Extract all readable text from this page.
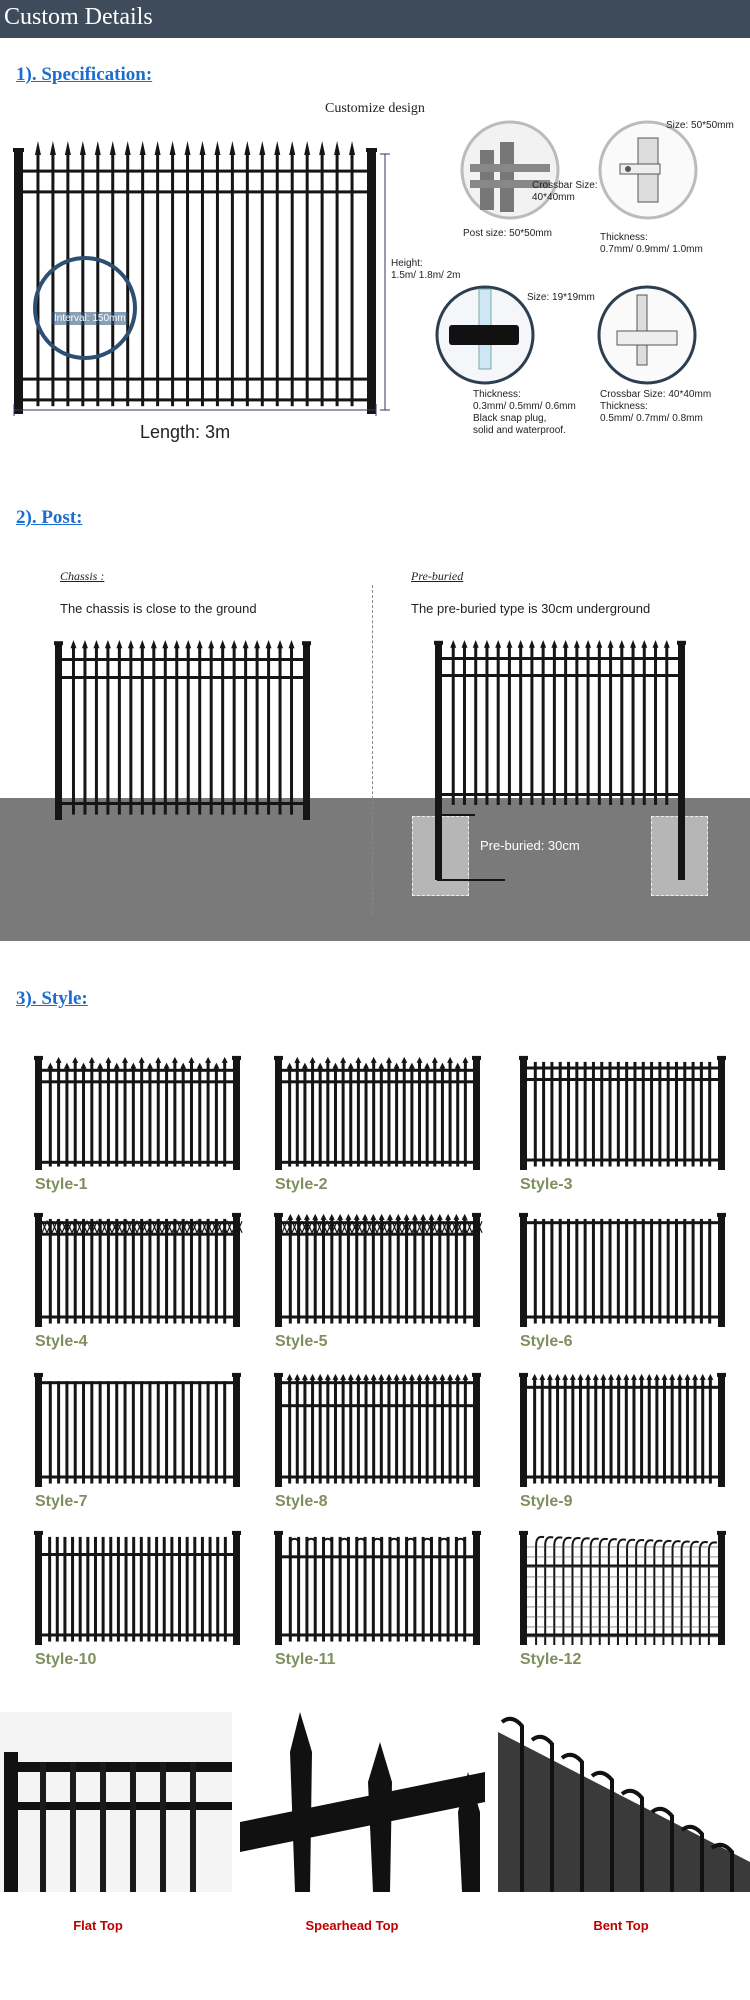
Custom Details
1). Specification:
Customize design
Interval: 150mm
Length: 3m
Height:
1.5m/ 1.8m/ 2m
Crossbar Size:
40*40mm
Post size: 50*50mm
Size: 50*50mm
Thickness:
0.7mm/ 0.9mm/ 1.0mm
Size: 19*19mm
Thickness:
0.3mm/ 0.5mm/ 0.6mm
Black snap plug,
solid and waterproof.
Crossbar Size: 40*40mm
Thickness:
0.5mm/ 0.7mm/ 0.8mm
2). Post:
Chassis :
The chassis is close to the ground
Pre-buried
The pre-buried type is 30cm underground
Pre-buried: 30cm
3). Style:
Flat Top	Spearhead Top	Bent Top
Style-1	Style-2	Style-3
Style-4	Style-5	Style-6
Style-7	Style-8	Style-9
Style-10	Style-11	Style-12
